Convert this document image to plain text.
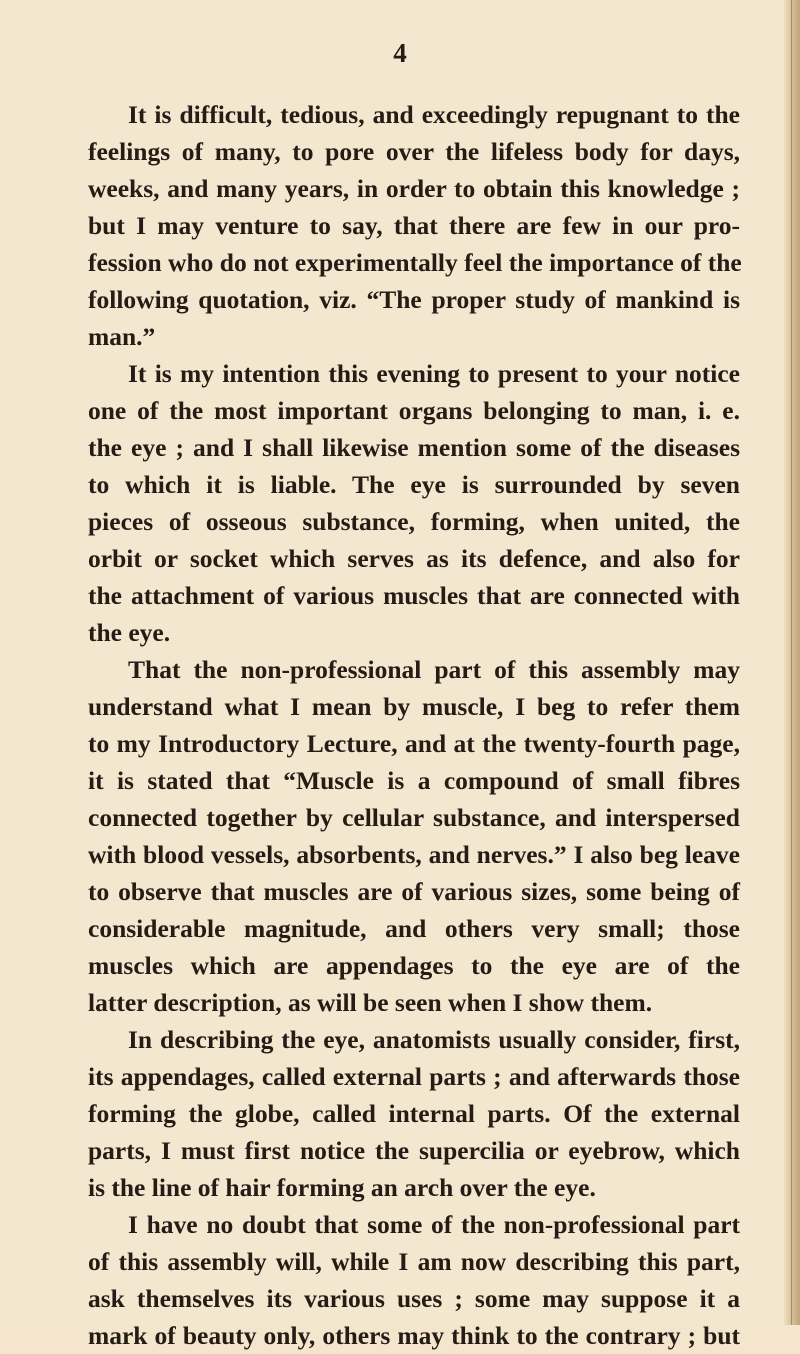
4
It is difficult, tedious, and exceedingly repugnant to the
feelings of many, to pore over the lifeless body for days,
weeks, and many years, in order to obtain this knowledge ;
but I may venture to say, that there are few in our pro-
fession who do not experimentally feel the importance of the
following quotation, viz. “The proper study of mankind is
man.”
It is my intention this evening to present to your notice
one of the most important organs belonging to man, i. e.
the eye ; and I shall likewise mention some of the diseases
to which it is liable. The eye is surrounded by seven
pieces of osseous substance, forming, when united, the
orbit or socket which serves as its defence, and also for
the attachment of various muscles that are connected with
the eye.
That the non-professional part of this assembly may
understand what I mean by muscle, I beg to refer them
to my Introductory Lecture, and at the twenty-fourth page,
it is stated that “Muscle is a compound of small fibres
connected together by cellular substance, and interspersed
with blood vessels, absorbents, and nerves.” I also beg leave
to observe that muscles are of various sizes, some being of
considerable magnitude, and others very small; those
muscles which are appendages to the eye are of the
latter description, as will be seen when I show them.
In describing the eye, anatomists usually consider, first,
its appendages, called external parts ; and afterwards those
forming the globe, called internal parts. Of the external
parts, I must first notice the supercilia or eyebrow, which
is the line of hair forming an arch over the eye.
I have no doubt that some of the non-professional part
of this assembly will, while I am now describing this part,
ask themselves its various uses ; some may suppose it a
mark of beauty only, others may think to the contrary ; but
